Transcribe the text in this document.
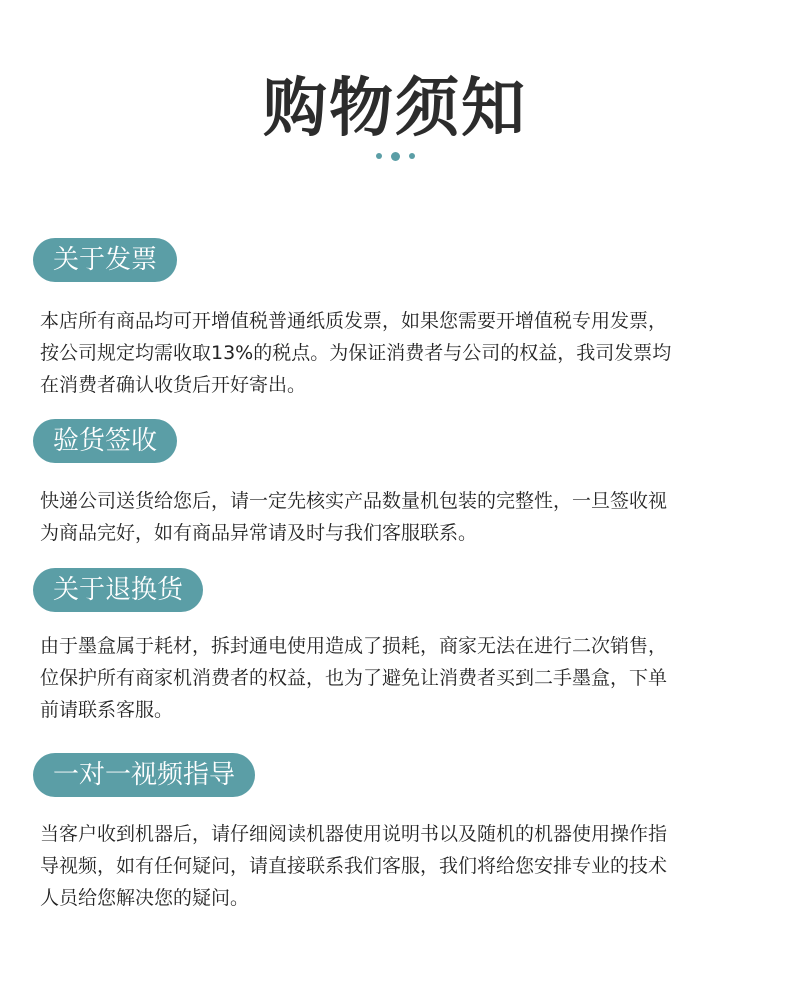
购物须知
关于发票
本店所有商品均可开增值税普通纸质发票，如果您需要开增值税专用发票，
按公司规定均需收取13%的税点。为保证消费者与公司的权益，我司发票均
在消费者确认收货后开好寄出。
验货签收
快递公司送货给您后，请一定先核实产品数量机包装的完整性，一旦签收视
为商品完好，如有商品异常请及时与我们客服联系。
关于退换货
由于墨盒属于耗材，拆封通电使用造成了损耗，商家无法在进行二次销售，
位保护所有商家机消费者的权益，也为了避免让消费者买到二手墨盒，下单
前请联系客服。
一对一视频指导
当客户收到机器后，请仔细阅读机器使用说明书以及随机的机器使用操作指
导视频，如有任何疑问，请直接联系我们客服，我们将给您安排专业的技术
人员给您解决您的疑问。
